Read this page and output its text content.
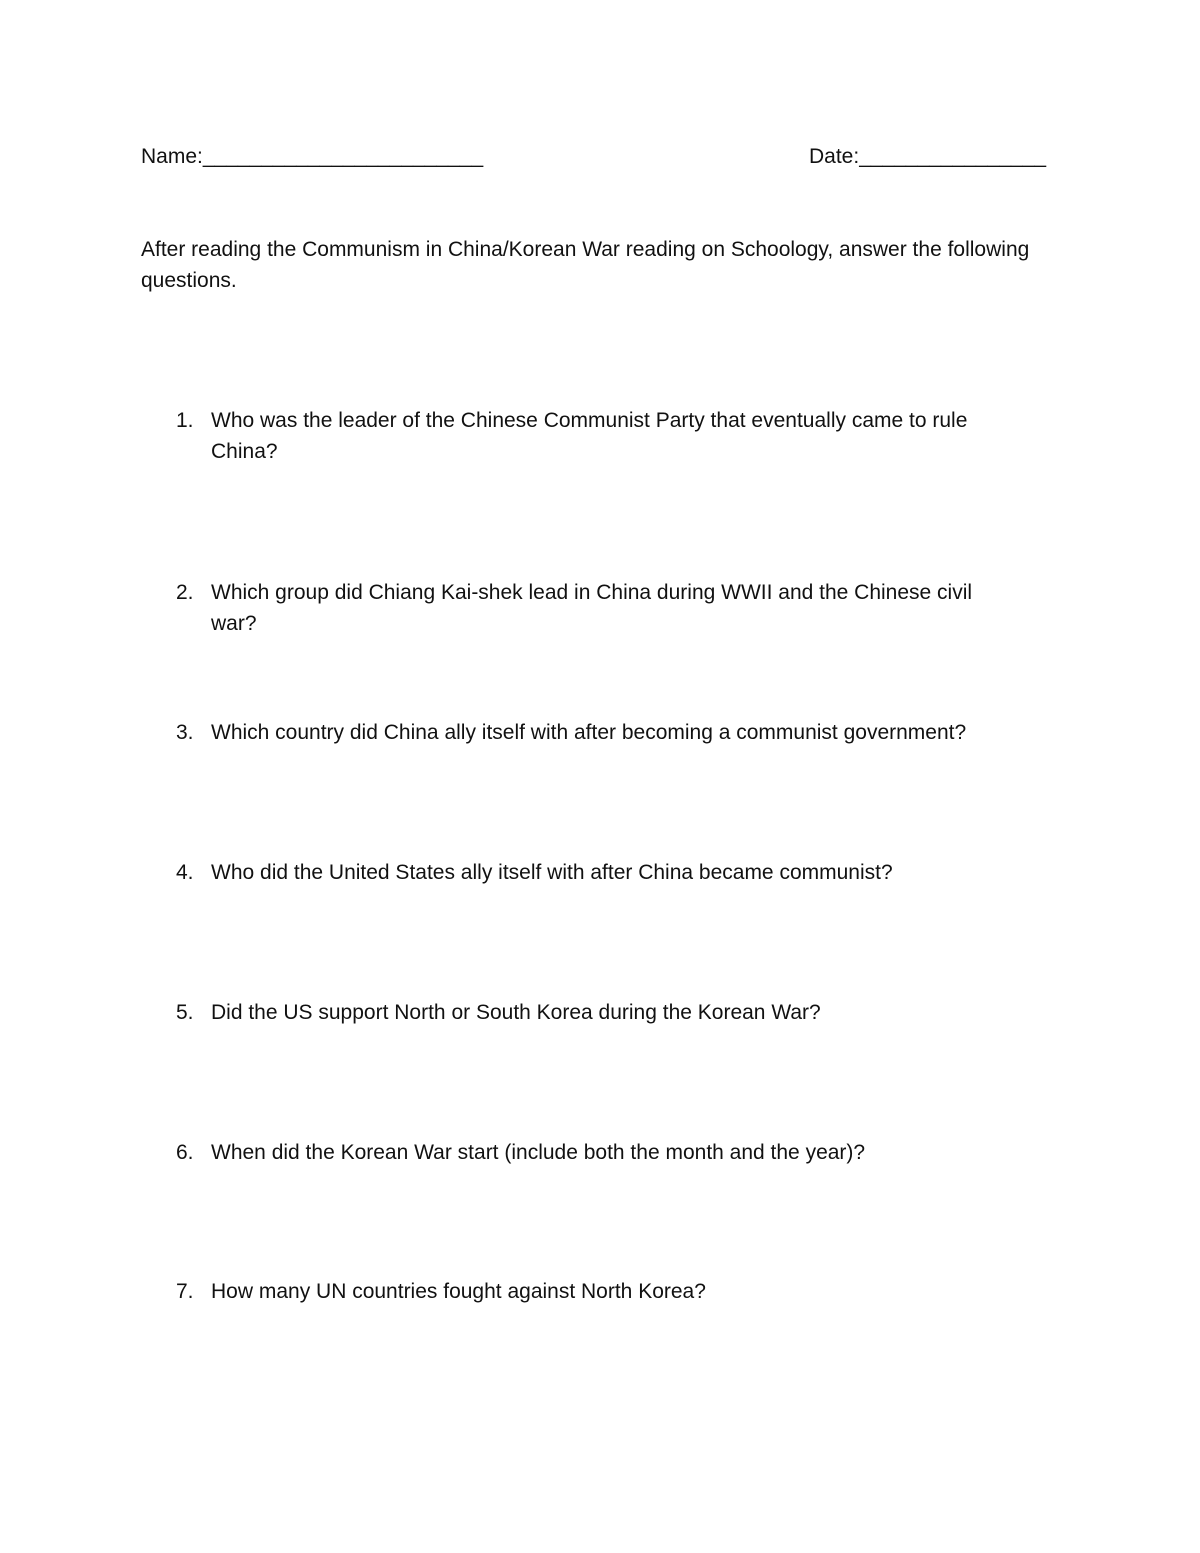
Name:________________________	Date:________________

After reading the Communism in China/Korean War reading on Schoology, answer the following questions.

1. Who was the leader of the Chinese Communist Party that eventually came to rule China?
2. Which group did Chiang Kai-shek lead in China during WWII and the Chinese civil war?
3. Which country did China ally itself with after becoming a communist government?
4. Who did the United States ally itself with after China became communist?
5. Did the US support North or South Korea during the Korean War?
6. When did the Korean War start (include both the month and the year)?
7. How many UN countries fought against North Korea?
